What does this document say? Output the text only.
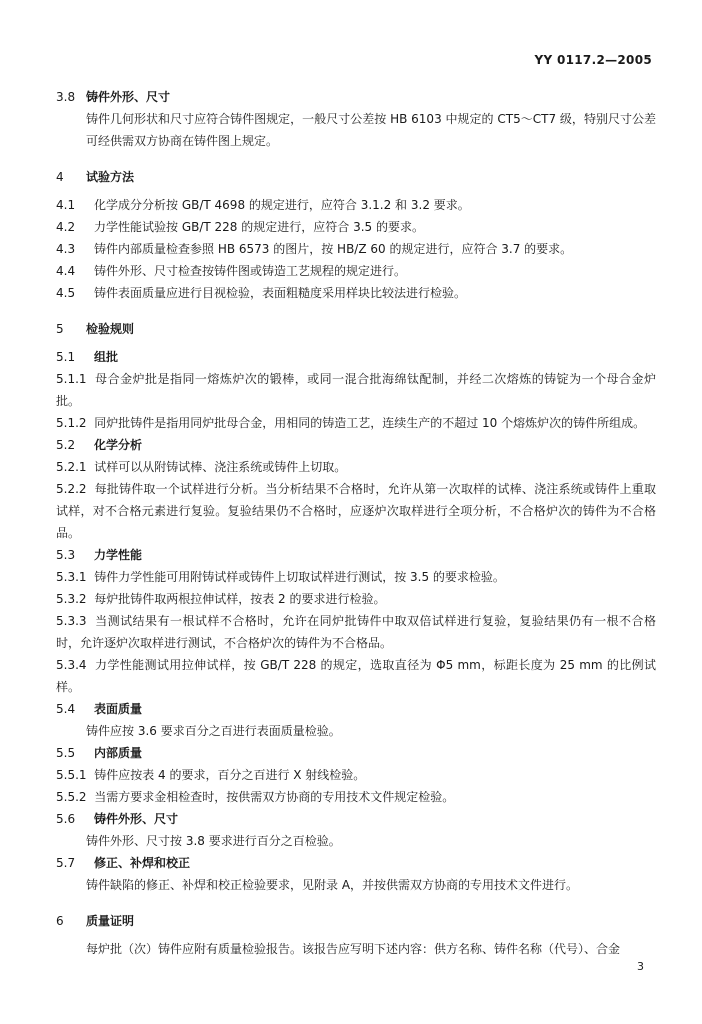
YY 0117.2—2005
3.8 铸件外形、尺寸
铸件几何形状和尺寸应符合铸件图规定，一般尺寸公差按 HB 6103 中规定的 CT5～CT7 级，特别尺寸公差可经供需双方协商在铸件图上规定。
4	试验方法
4.1	化学成分分析按 GB/T 4698 的规定进行，应符合 3.1.2 和 3.2 要求。
4.2	力学性能试验按 GB/T 228 的规定进行，应符合 3.5 的要求。
4.3	铸件内部质量检查参照 HB 6573 的图片，按 HB/Z 60 的规定进行，应符合 3.7 的要求。
4.4	铸件外形、尺寸检查按铸件图或铸造工艺规程的规定进行。
4.5	铸件表面质量应进行目视检验，表面粗糙度采用样块比较法进行检验。
5	检验规则
5.1	组批
5.1.1 母合金炉批是指同一熔炼炉次的锻棒，或同一混合批海绵钛配制，并经二次熔炼的铸锭为一个母合金炉批。
5.1.2 同炉批铸件是指用同炉批母合金，用相同的铸造工艺，连续生产的不超过 10 个熔炼炉次的铸件所组成。
5.2	化学分析
5.2.1 试样可以从附铸试棒、浇注系统或铸件上切取。
5.2.2 每批铸件取一个试样进行分析。当分析结果不合格时，允许从第一次取样的试棒、浇注系统或铸件上重取试样，对不合格元素进行复验。复验结果仍不合格时，应逐炉次取样进行全项分析，不合格炉次的铸件为不合格品。
5.3	力学性能
5.3.1 铸件力学性能可用附铸试样或铸件上切取试样进行测试，按 3.5 的要求检验。
5.3.2 每炉批铸件取两根拉伸试样，按表 2 的要求进行检验。
5.3.3 当测试结果有一根试样不合格时，允许在同炉批铸件中取双倍试样进行复验，复验结果仍有一根不合格时，允许逐炉次取样进行测试，不合格炉次的铸件为不合格品。
5.3.4 力学性能测试用拉伸试样，按 GB/T 228 的规定，选取直径为 Φ5 mm，标距长度为 25 mm 的比例试样。
5.4	表面质量
铸件应按 3.6 要求百分之百进行表面质量检验。
5.5	内部质量
5.5.1 铸件应按表 4 的要求，百分之百进行 X 射线检验。
5.5.2 当需方要求金相检查时，按供需双方协商的专用技术文件规定检验。
5.6	铸件外形、尺寸
铸件外形、尺寸按 3.8 要求进行百分之百检验。
5.7	修正、补焊和校正
铸件缺陷的修正、补焊和校正检验要求，见附录 A，并按供需双方协商的专用技术文件进行。
6	质量证明
每炉批（次）铸件应附有质量检验报告。该报告应写明下述内容：供方名称、铸件名称（代号）、合金
3
